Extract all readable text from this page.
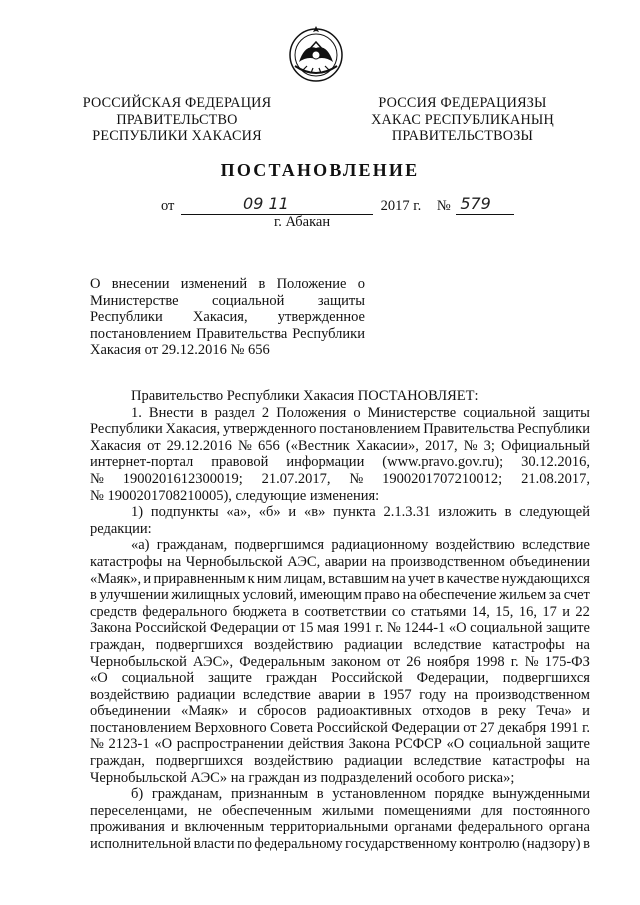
РОССИЙСКАЯ ФЕДЕРАЦИЯ
ПРАВИТЕЛЬСТВО
РЕСПУБЛИКИ ХАКАСИЯ
РОССИЯ ФЕДЕРАЦИЯЗЫ
ХАКАС РЕСПУБЛИКАНЫҢ
ПРАВИТЕЛЬСТВОЗЫ
ПОСТАНОВЛЕНИЕ
от	09 11	2017 г. № 579
г. Абакан
О внесении изменений в Положение о
Министерстве социальной защиты
Республики Хакасия, утвержденное
постановлением Правительства Республики
Хакасия от 29.12.2016 № 656
Правительство Республики Хакасия ПОСТАНОВЛЯЕТ:
1. Внести в раздел 2 Положения о Министерстве социальной защиты
Республики Хакасия, утвержденного постановлением Правительства Республики
Хакасия от 29.12.2016 № 656 («Вестник Хакасии», 2017, № 3; Официальный
интернет-портал правовой информации (www.pravo.gov.ru); 30.12.2016,
№ 1900201612300019; 21.07.2017, № 1900201707210012; 21.08.2017,
№ 1900201708210005), следующие изменения:
1) подпункты «а», «б» и «в» пункта 2.1.3.31 изложить в следующей
редакции:
«а) гражданам, подвергшимся радиационному воздействию вследствие
катастрофы на Чернобыльской АЭС, аварии на производственном объединении
«Маяк», и приравненным к ним лицам, вставшим на учет в качестве нуждающихся
в улучшении жилищных условий, имеющим право на обеспечение жильем за счет
средств федерального бюджета в соответствии со статьями 14, 15, 16, 17 и 22
Закона Российской Федерации от 15 мая 1991 г. № 1244-1 «О социальной защите
граждан, подвергшихся воздействию радиации вследствие катастрофы на
Чернобыльской АЭС», Федеральным законом от 26 ноября 1998 г. № 175-ФЗ
«О социальной защите граждан Российской Федерации, подвергшихся
воздействию радиации вследствие аварии в 1957 году на производственном
объединении «Маяк» и сбросов радиоактивных отходов в реку Теча» и
постановлением Верховного Совета Российской Федерации от 27 декабря 1991 г.
№ 2123-1 «О распространении действия Закона РСФСР «О социальной защите
граждан, подвергшихся воздействию радиации вследствие катастрофы на
Чернобыльской АЭС» на граждан из подразделений особого риска»;
б) гражданам, признанным в установленном порядке вынужденными
переселенцами, не обеспеченным жилыми помещениями для постоянного
проживания и включенным территориальными органами федерального органа
исполнительной власти по федеральному государственному контролю (надзору) в
